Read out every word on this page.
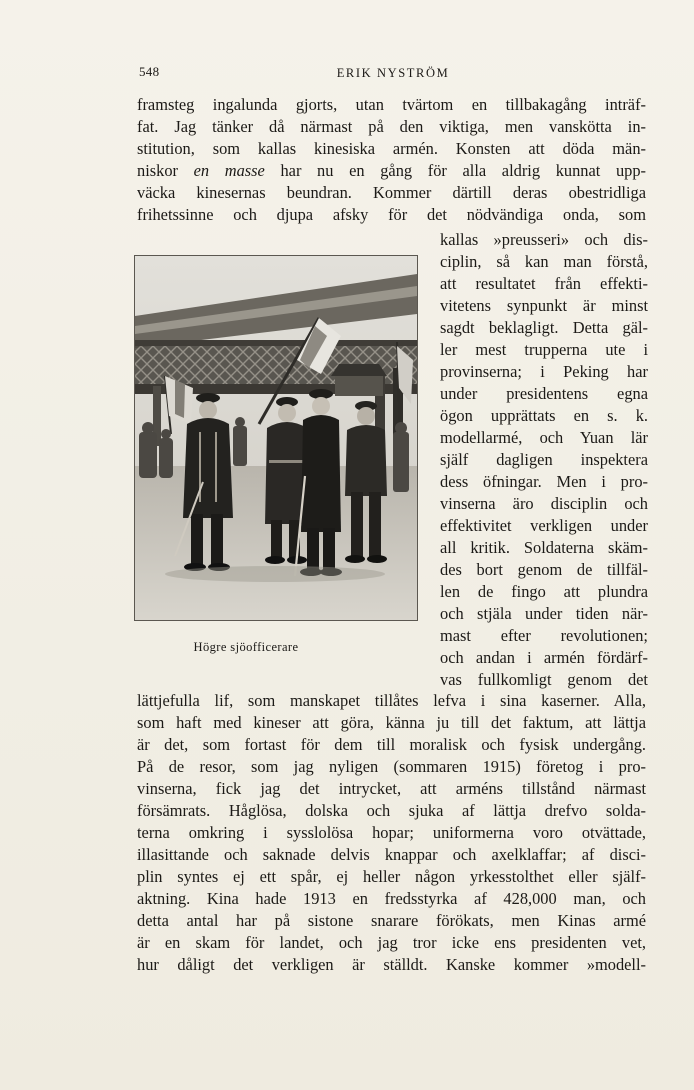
548	ERIK NYSTRÖM
framsteg ingalunda gjorts, utan tvärtom en tillbakagång inträf-
fat. Jag tänker då närmast på den viktiga, men vanskötta in-
stitution, som kallas kinesiska armén. Konsten att döda män-
niskor en masse har nu en gång för alla aldrig kunnat upp-
väcka kinesernas beundran. Kommer därtill deras obestridliga
frihetssinne och djupa afsky för det nödvändiga onda, som
kallas »preusseri» och dis-
ciplin, så kan man förstå,
att resultatet från effekti-
vitetens synpunkt är minst
sagdt beklagligt. Detta gäl-
ler mest trupperna ute i
provinserna; i Peking har
under presidentens egna
ögon upprättats en s. k.
modellarmé, och Yuan lär
själf dagligen inspektera
dess öfningar. Men i pro-
vinserna äro disciplin och
effektivitet verkligen under
all kritik. Soldaterna skäm-
des bort genom de tillfäl-
len de fingo att plundra
och stjäla under tiden när-
mast efter revolutionen;
och andan i armén fördärf-
vas fullkomligt genom det
Högre sjöofficerare
lättjefulla lif, som manskapet tillåtes lefva i sina kaserner. Alla,
som haft med kineser att göra, känna ju till det faktum, att lättja
är det, som fortast för dem till moralisk och fysisk undergång.
På de resor, som jag nyligen (sommaren 1915) företog i pro-
vinserna, fick jag det intrycket, att arméns tillstånd närmast
försämrats. Håglösa, dolska och sjuka af lättja drefvo solda-
terna omkring i sysslolösa hopar; uniformerna voro otvättade,
illasittande och saknade delvis knappar och axelklaffar; af disci-
plin syntes ej ett spår, ej heller någon yrkesstolthet eller själf-
aktning. Kina hade 1913 en fredsstyrka af 428,000 man, och
detta antal har på sistone snarare förökats, men Kinas armé
är en skam för landet, och jag tror icke ens presidenten vet,
hur dåligt det verkligen är ställdt. Kanske kommer »modell-
